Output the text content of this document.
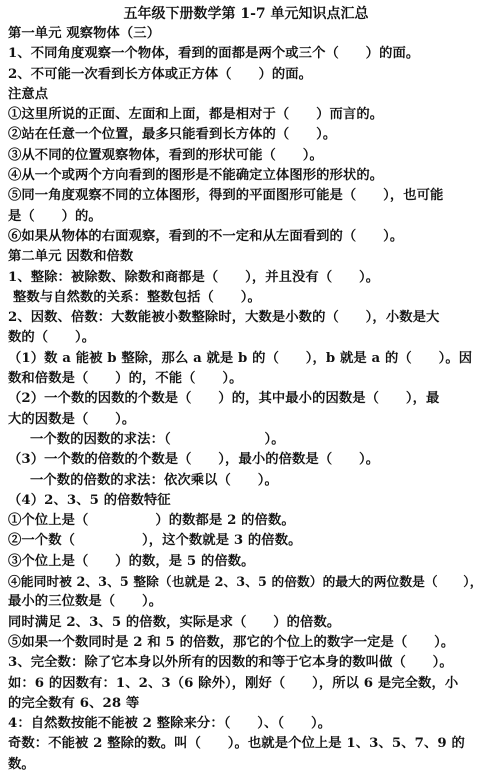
五年级下册数学第 1-7 单元知识点汇总
第一单元 观察物体（三）
1、不同角度观察一个物体，看到的面都是两个或三个（　　）的面。
2、不可能一次看到长方体或正方体（　　）的面。
注意点
①这里所说的正面、左面和上面，都是相对于（　　）而言的。
②站在任意一个位置，最多只能看到长方体的（　　）。
③从不同的位置观察物体，看到的形状可能（　　）。
④从一个或两个方向看到的图形是不能确定立体图形的形状的。
⑤同一角度观察不同的立体图形，得到的平面图形可能是（　　），也可能
是（　　）的。
⑥如果从物体的右面观察，看到的不一定和从左面看到的（　　）。
第二单元 因数和倍数
1、整除：被除数、除数和商都是（　　），并且没有（　　）。
整数与自然数的关系：整数包括（　　）。
2、因数、倍数：大数能被小数整除时，大数是小数的（　　），小数是大
数的（　　）。
（1）数 a 能被 b 整除，那么 a 就是 b 的（　　），b 就是 a 的（　　）。因
数和倍数是（　　）的，不能（　　）。
（2）一个数的因数的个数是（　　）的，其中最小的因数是（　　），最
大的因数是（　　）。
一个数的因数的求法：（　　　　　　　）。
（3）一个数的倍数的个数是（　　），最小的倍数是（　　）。
一个数的倍数的求法：依次乘以（　　）。
（4）2、3、5 的倍数特征
①个位上是（　　　　　）的数都是 2 的倍数。
②一个数（　　　　　），这个数就是 3 的倍数。
③个位上是（　　）的数，是 5 的倍数。
④能同时被 2、3、5 整除（也就是 2、3、5 的倍数）的最大的两位数是（　　），
最小的三位数是（　　）。
同时满足 2、3、5 的倍数，实际是求（　　）的倍数。
⑤如果一个数同时是 2 和 5 的倍数，那它的个位上的数字一定是（　　）。
3、完全数：除了它本身以外所有的因数的和等于它本身的数叫做（　　）。
如：6 的因数有：1、2、3（6 除外），刚好（　　），所以 6 是完全数，小
的完全数有 6、28 等
4：自然数按能不能被 2 整除来分：（　　）、（　　）。
奇数：不能被 2 整除的数。叫（　　）。也就是个位上是 1、3、5、7、9 的
数。
